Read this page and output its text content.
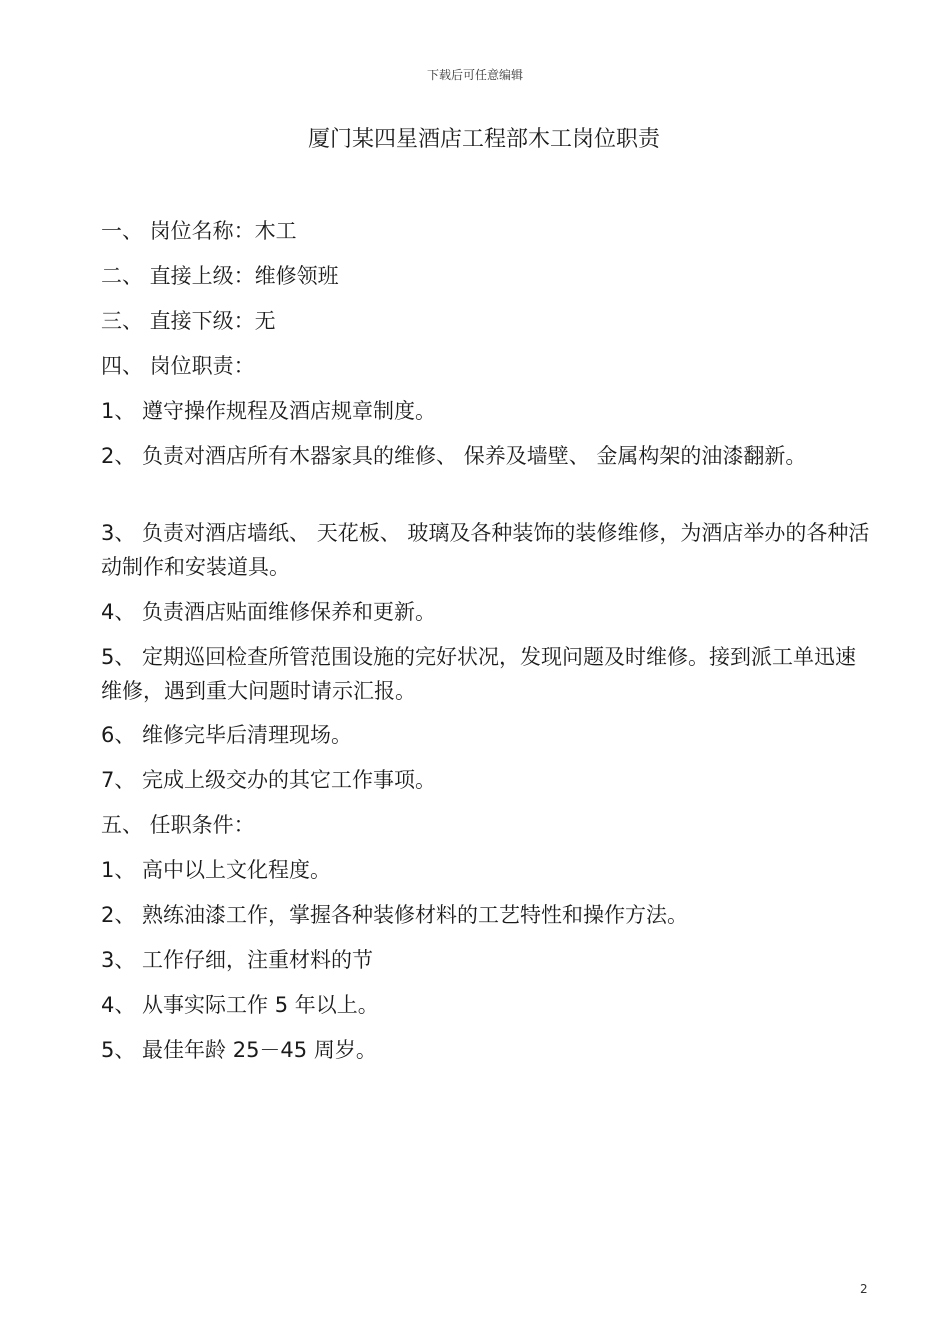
下载后可任意编辑
厦门某四星酒店工程部木工岗位职责
一、 岗位名称：木工
二、 直接上级：维修领班
三、 直接下级：无
四、 岗位职责：
1、 遵守操作规程及酒店规章制度。
2、 负责对酒店所有木器家具的维修、 保养及墙壁、 金属构架的油漆翻新。
3、 负责对酒店墙纸、 天花板、 玻璃及各种装饰的装修维修，为酒店举办的各种活动制作和安装道具。
4、 负责酒店贴面维修保养和更新。
5、 定期巡回检查所管范围设施的完好状况，发现问题及时维修。接到派工单迅速维修，遇到重大问题时请示汇报。
6、 维修完毕后清理现场。
7、 完成上级交办的其它工作事项。
五、 任职条件：
1、 高中以上文化程度。
2、 熟练油漆工作，掌握各种装修材料的工艺特性和操作方法。
3、 工作仔细，注重材料的节
4、 从事实际工作 5 年以上。
5、 最佳年龄 25－45 周岁。
2
